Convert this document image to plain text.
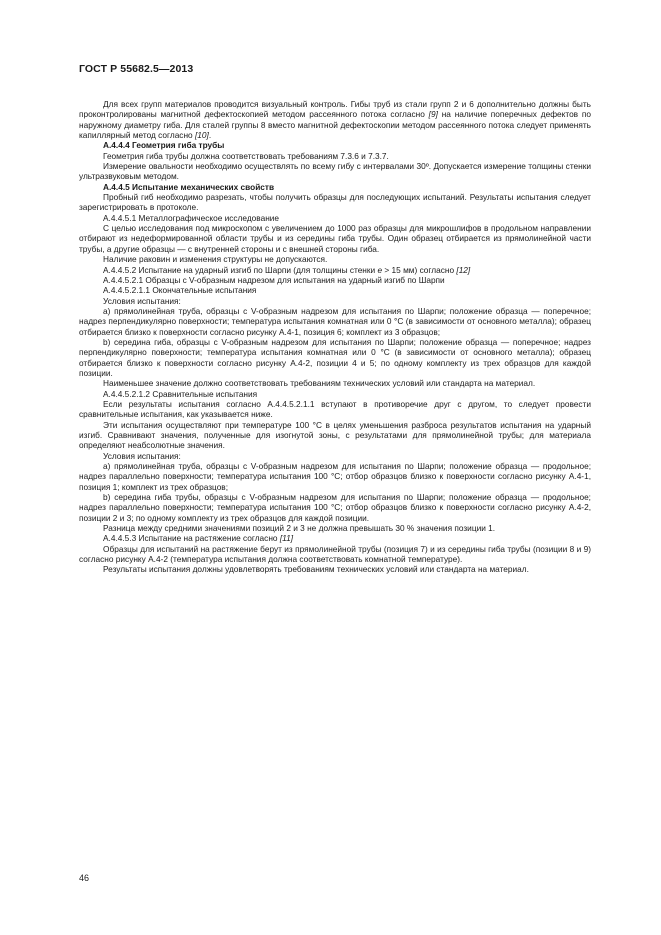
ГОСТ Р 55682.5—2013

Для всех групп материалов проводится визуальный контроль. Гибы труб из стали групп 2 и 6 дополнительно должны быть проконтролированы магнитной дефектоскопией методом рассеянного потока согласно [9] на наличие поперечных дефектов по наружному диаметру гиба. Для сталей группы 8 вместо магнитной дефектоскопии методом рассеянного потока следует применять капиллярный метод согласно [10].

А.4.4.4 Геометрия гиба трубы

Геометрия гиба трубы должна соответствовать требованиям 7.3.6 и 7.3.7.

Измерение овальности необходимо осуществлять по всему гибу с интервалами 30º. Допускается измерение толщины стенки ультразвуковым методом.

А.4.4.5 Испытание механических свойств

Пробный гиб необходимо разрезать, чтобы получить образцы для последующих испытаний. Результаты испытания следует зарегистрировать в протоколе.

А.4.4.5.1 Металлографическое исследование

С целью исследования под микроскопом с увеличением до 1000 раз образцы для микрошлифов в продольном направлении отбирают из недеформированной области трубы и из середины гиба трубы. Один образец отбирается из прямолинейной части трубы, а другие образцы — с внутренней стороны и с внешней стороны гиба.

Наличие раковин и изменения структуры не допускаются.

А.4.4.5.2 Испытание на ударный изгиб по Шарпи (для толщины стенки е > 15 мм) согласно [12]

А.4.4.5.2.1 Образцы с V-образным надрезом для испытания на ударный изгиб по Шарпи

А.4.4.5.2.1.1 Окончательные испытания

Условия испытания:

а) прямолинейная труба, образцы с V-образным надрезом для испытания по Шарпи; положение образца — поперечное; надрез перпендикулярно поверхности; температура испытания комнатная или 0 °С (в зависимости от основного металла); образец отбирается близко к поверхности согласно рисунку А.4-1, позиция 6; комплект из 3 образцов;

b) середина гиба, образцы с V-образным надрезом для испытания по Шарпи; положение образца — поперечное; надрез перпендикулярно поверхности; температура испытания комнатная или 0 °С (в зависимости от основного металла); образец отбирается близко к поверхности согласно рисунку А.4-2, позиции 4 и 5; по одному комплекту из трех образцов для каждой позиции.

Наименьшее значение должно соответствовать требованиям технических условий или стандарта на материал.

А.4.4.5.2.1.2 Сравнительные испытания

Если результаты испытания согласно А.4.4.5.2.1.1 вступают в противоречие друг с другом, то следует провести сравнительные испытания, как указывается ниже.

Эти испытания осуществляют при температуре 100 °С в целях уменьшения разброса результатов испытания на ударный изгиб. Сравнивают значения, полученные для изогнутой зоны, с результатами для прямолинейной трубы; для материала определяют неабсолютные значения.

Условия испытания:

а) прямолинейная труба, образцы с V-образным надрезом для испытания по Шарпи; положение образца — продольное; надрез параллельно поверхности; температура испытания 100 °С; отбор образцов близко к поверхности согласно рисунку А.4-1, позиция 1; комплект из трех образцов;

b) середина гиба трубы, образцы с V-образным надрезом для испытания по Шарпи; положение образца — продольное; надрез параллельно поверхности; температура испытания 100 °С; отбор образцов близко к поверхности согласно рисунку А.4-2, позиции 2 и 3; по одному комплекту из трех образцов для каждой позиции.

Разница между средними значениями позиций 2 и 3 не должна превышать 30 % значения позиции 1.

А.4.4.5.3 Испытание на растяжение согласно [11]

Образцы для испытаний на растяжение берут из прямолинейной трубы (позиция 7) и из середины гиба трубы (позиции 8 и 9) согласно рисунку А.4-2 (температура испытания должна соответствовать комнатной температуре).

Результаты испытания должны удовлетворять требованиям технических условий или стандарта на материал.

46
